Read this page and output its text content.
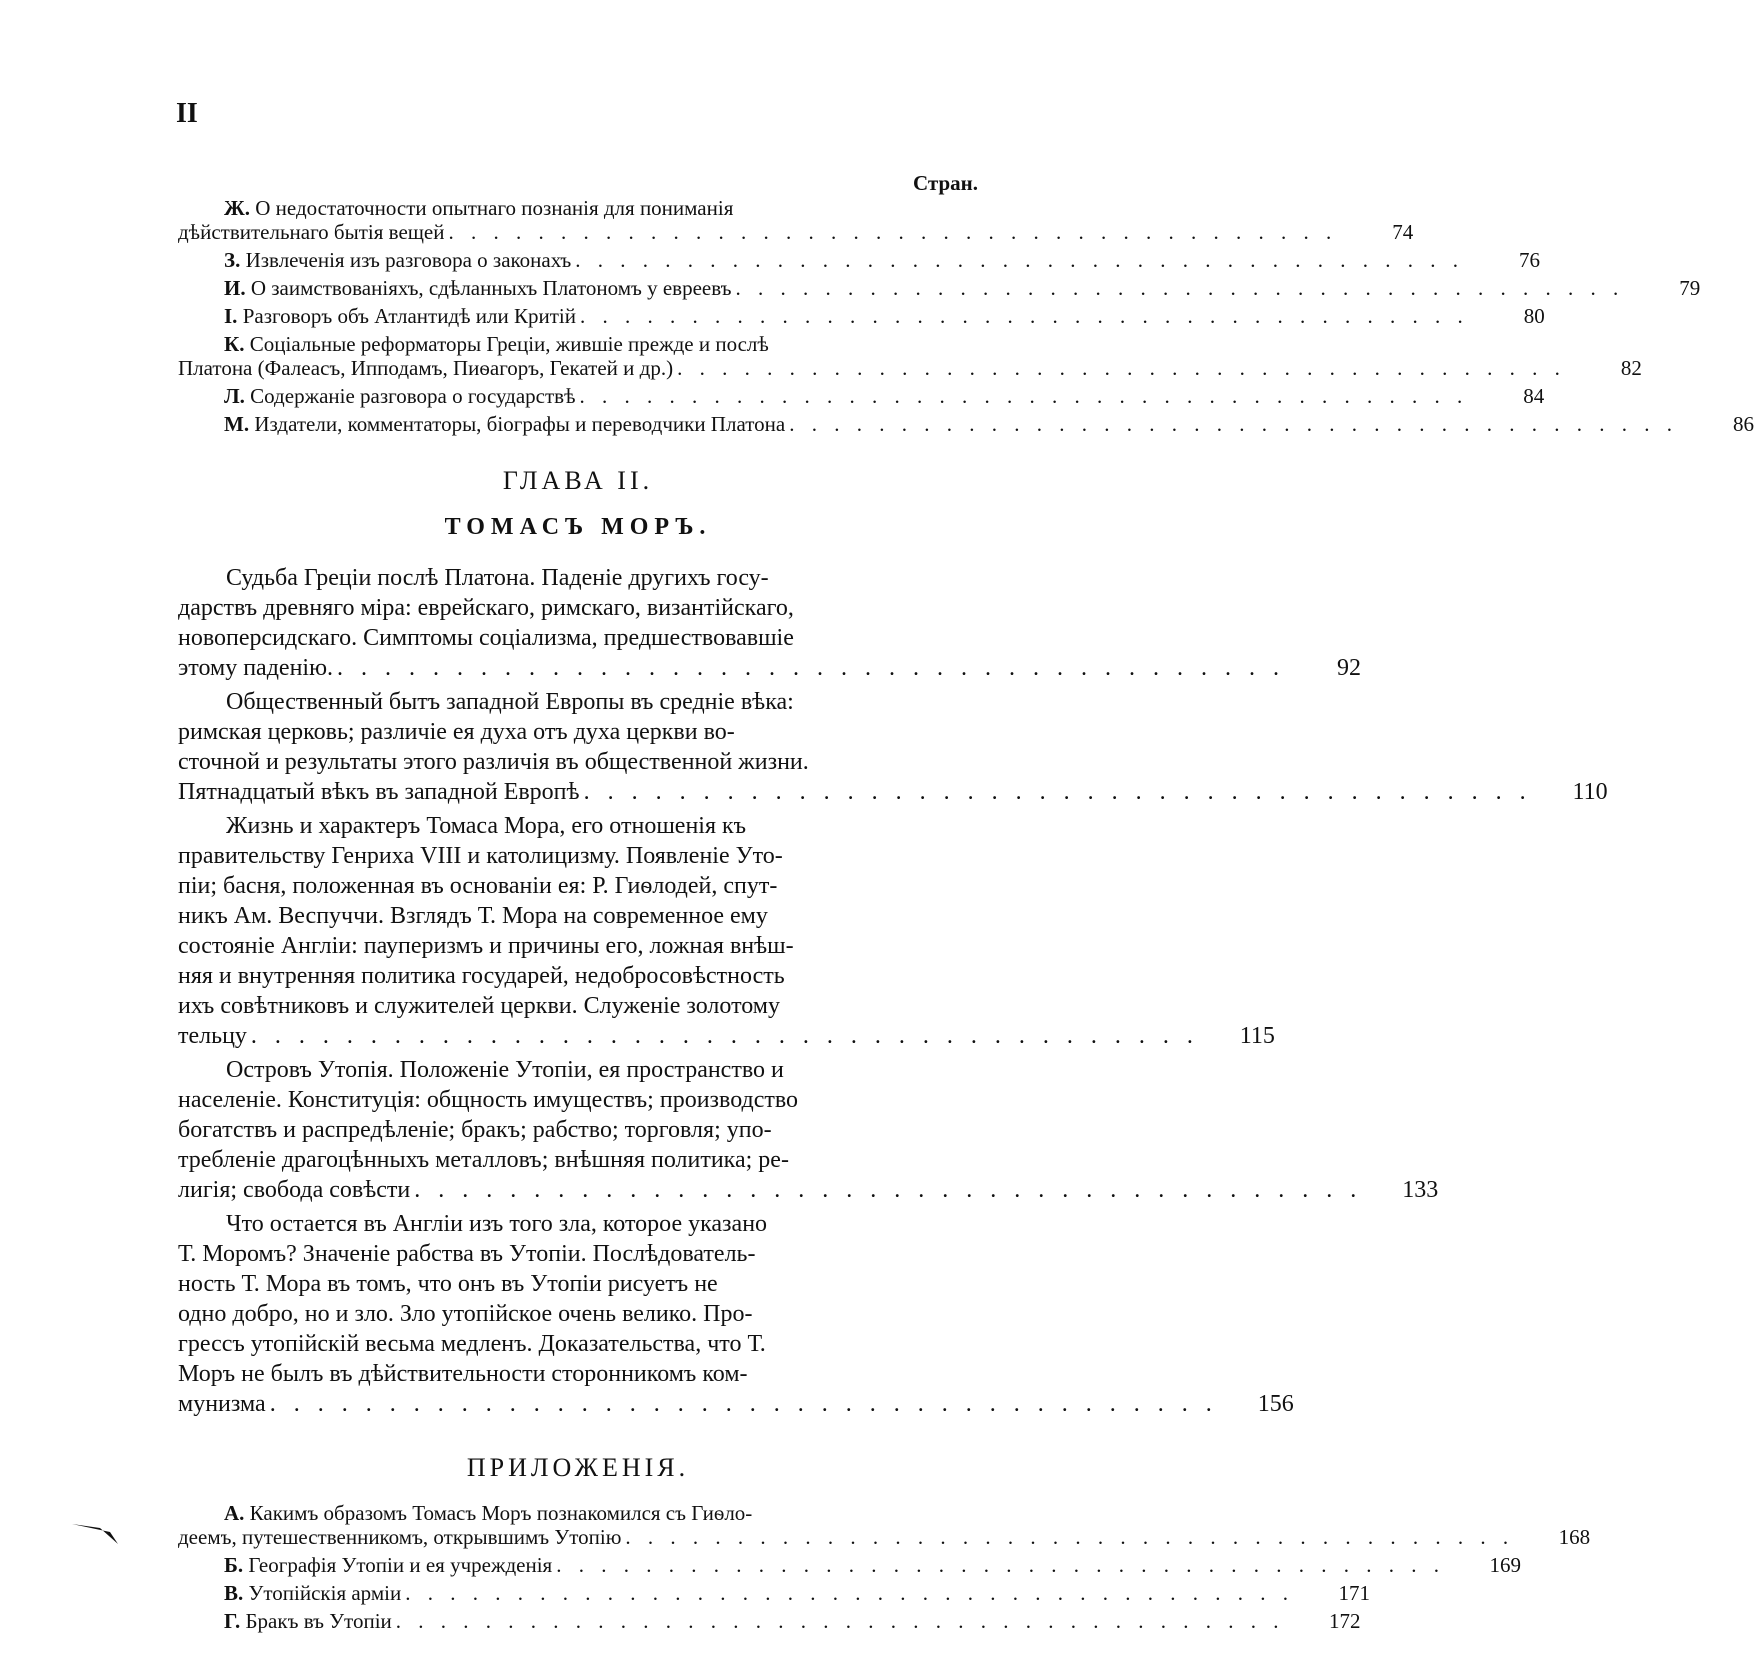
II
Стран.
Ж. О недостаточности опытнаго познанія для пониманія
дѣйствительнаго бытія вещей . . . . . . . . . . . . . . . . . . . . . . . . . . . . . . . . . . . . . . . .	74
З. Извлеченія изъ разговора о законахъ . . . . . . . . . . . . . . . . . . . . . . . . . . . . . . . . . . . . . . . .	76
И. О заимствованіяхъ, сдѣланныхъ Платономъ у евреевъ . . . . . . . . . . . . . . . . . . . . . . . . . . . . . . . . . . . . . . . .	79
I. Разговоръ объ Атлантидѣ или Критій . . . . . . . . . . . . . . . . . . . . . . . . . . . . . . . . . . . . . . . .	80
К. Соціальные реформаторы Греціи, жившіе прежде и послѣ
Платона (Фалеасъ, Ипподамъ, Пиѳагоръ, Гекатей и др.) . . . . . . . . . . . . . . . . . . . . . . . . . . . . . . . . . . . . . . . .	82
Л. Содержаніе разговора о государствѣ . . . . . . . . . . . . . . . . . . . . . . . . . . . . . . . . . . . . . . . .	84
М. Издатели, комментаторы, біографы и переводчики Платона . . . . . . . . . . . . . . . . . . . . . . . . . . . . . . . . . . . . . . . .	86
ГЛАВА II.
ТОМАСЪ МОРЪ.
Судьба Греціи послѣ Платона. Паденіе другихъ госу-
дарствъ древняго міра: еврейскаго, римскаго, византійскаго,
новоперсидскаго. Симптомы соціализма, предшествовавшіе
этому паденію. . . . . . . . . . . . . . . . . . . . . . . . . . . . . . . . . . . . . . . . .	92
Общественный бытъ западной Европы въ средніе вѣка:
римская церковь; различіе ея духа отъ духа церкви во-
сточной и результаты этого различія въ общественной жизни.
Пятнадцатый вѣкъ въ западной Европѣ . . . . . . . . . . . . . . . . . . . . . . . . . . . . . . . . . . . . . . . .	110
Жизнь и характеръ Томаса Мора, его отношенія къ
правительству Генриха VIII и католицизму. Появленіе Уто-
піи; басня, положенная въ основаніи ея: Р. Гиѳлодей, спут-
никъ Ам. Веспуччи. Взглядъ Т. Мора на современное ему
состояніе Англіи: пауперизмъ и причины его, ложная внѣш-
няя и внутренняя политика государей, недобросовѣстность
ихъ совѣтниковъ и служителей церкви. Служеніе золотому
тельцу . . . . . . . . . . . . . . . . . . . . . . . . . . . . . . . . . . . . . . . .	115
Островъ Утопія. Положеніе Утопіи, ея пространство и
населеніе. Конституція: общность имуществъ; производство
богатствъ и распредѣленіе; бракъ; рабство; торговля; упо-
требленіе драгоцѣнныхъ металловъ; внѣшняя политика; ре-
лигія; свобода совѣсти . . . . . . . . . . . . . . . . . . . . . . . . . . . . . . . . . . . . . . . .	133
Что остается въ Англіи изъ того зла, которое указано
Т. Моромъ? Значеніе рабства въ Утопіи. Послѣдователь-
ность Т. Мора въ томъ, что онъ въ Утопіи рисуетъ не
одно добро, но и зло. Зло утопійское очень велико. Про-
грессъ утопійскій весьма медленъ. Доказательства, что Т.
Моръ не былъ въ дѣйствительности сторонникомъ ком-
мунизма . . . . . . . . . . . . . . . . . . . . . . . . . . . . . . . . . . . . . . . .	156
ПРИЛОЖЕНІЯ.
А. Какимъ образомъ Томасъ Моръ познакомился съ Гиѳло-
деемъ, путешественникомъ, открывшимъ Утопію . . . . . . . . . . . . . . . . . . . . . . . . . . . . . . . . . . . . . . . .	168
Б. Географія Утопіи и ея учрежденія . . . . . . . . . . . . . . . . . . . . . . . . . . . . . . . . . . . . . . . .	169
В. Утопійскія арміи . . . . . . . . . . . . . . . . . . . . . . . . . . . . . . . . . . . . . . . .	171
Г. Бракъ въ Утопіи . . . . . . . . . . . . . . . . . . . . . . . . . . . . . . . . . . . . . . . .	172
